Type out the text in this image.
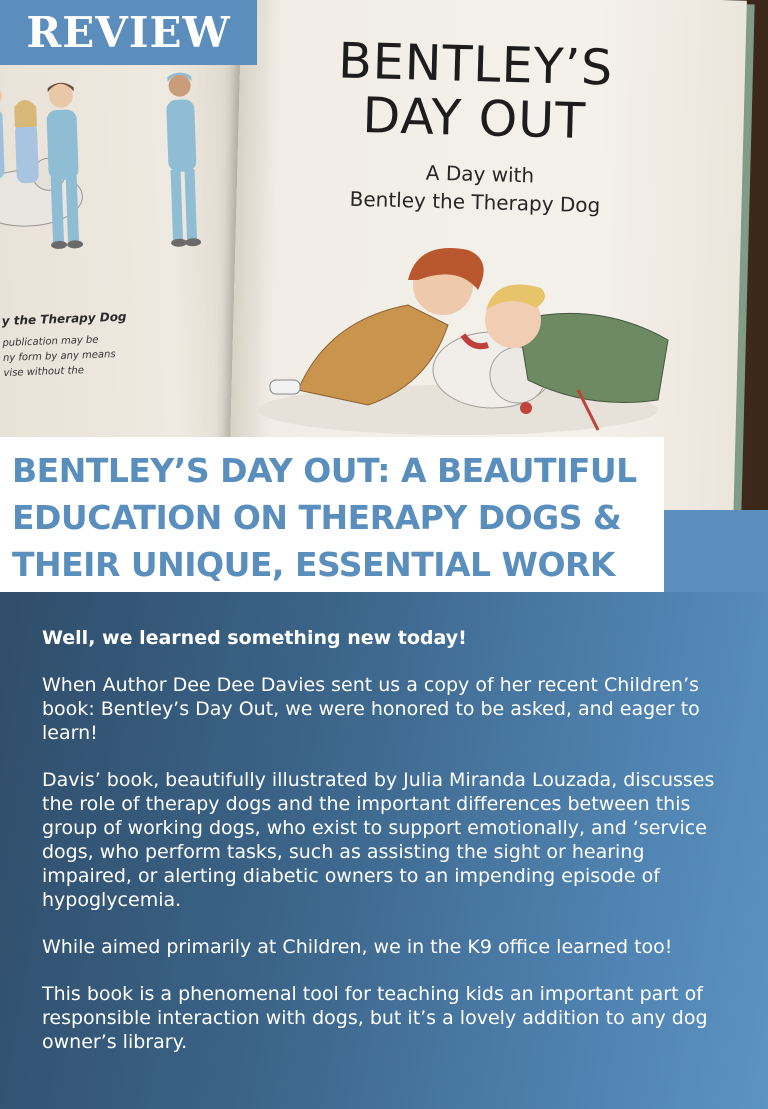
y the Therapy Dog
publication may be
ny form by any means
vise without the
BENTLEY’S
DAY OUT
A Day with
Bentley the Therapy Dog
REVIEW
BENTLEY’S DAY OUT: A BEAUTIFUL
EDUCATION ON THERAPY DOGS &
THEIR UNIQUE, ESSENTIAL WORK

Well, we learned something new today!

When Author Dee Dee Davies sent us a copy of her recent Children’s book: Bentley’s Day Out, we were honored to be asked, and eager to learn!

Davis’ book, beautifully illustrated by Julia Miranda Louzada, discusses the role of therapy dogs and the important differences between this group of working dogs, who exist to support emotionally, and ‘service dogs, who perform tasks, such as assisting the sight or hearing impaired, or alerting diabetic owners to an impending episode of hypoglycemia.

While aimed primarily at Children, we in the K9 office learned too!

This book is a phenomenal tool for teaching kids an important part of responsible interaction with dogs, but it’s a lovely addition to any dog owner’s library.
